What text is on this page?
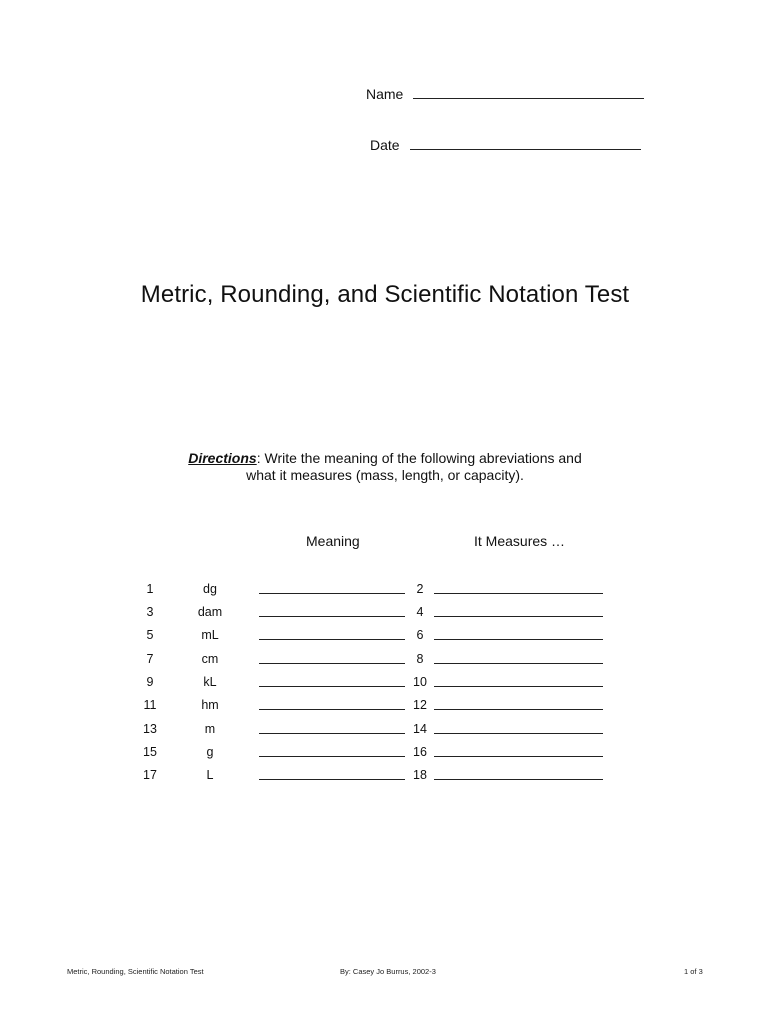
Name
Date
Metric, Rounding, and Scientific Notation Test
Directions: Write the meaning of the following abreviations and
what it measures (mass, length, or capacity).
Meaning	It Measures …
1	dg	2
3	dam	4
5	mL	6
7	cm	8
9	kL	10
11	hm	12
13	m	14
15	g	16
17	L	18
Metric, Rounding, Scientific Notation Test	By: Casey Jo Burrus, 2002-3	1 of 3
